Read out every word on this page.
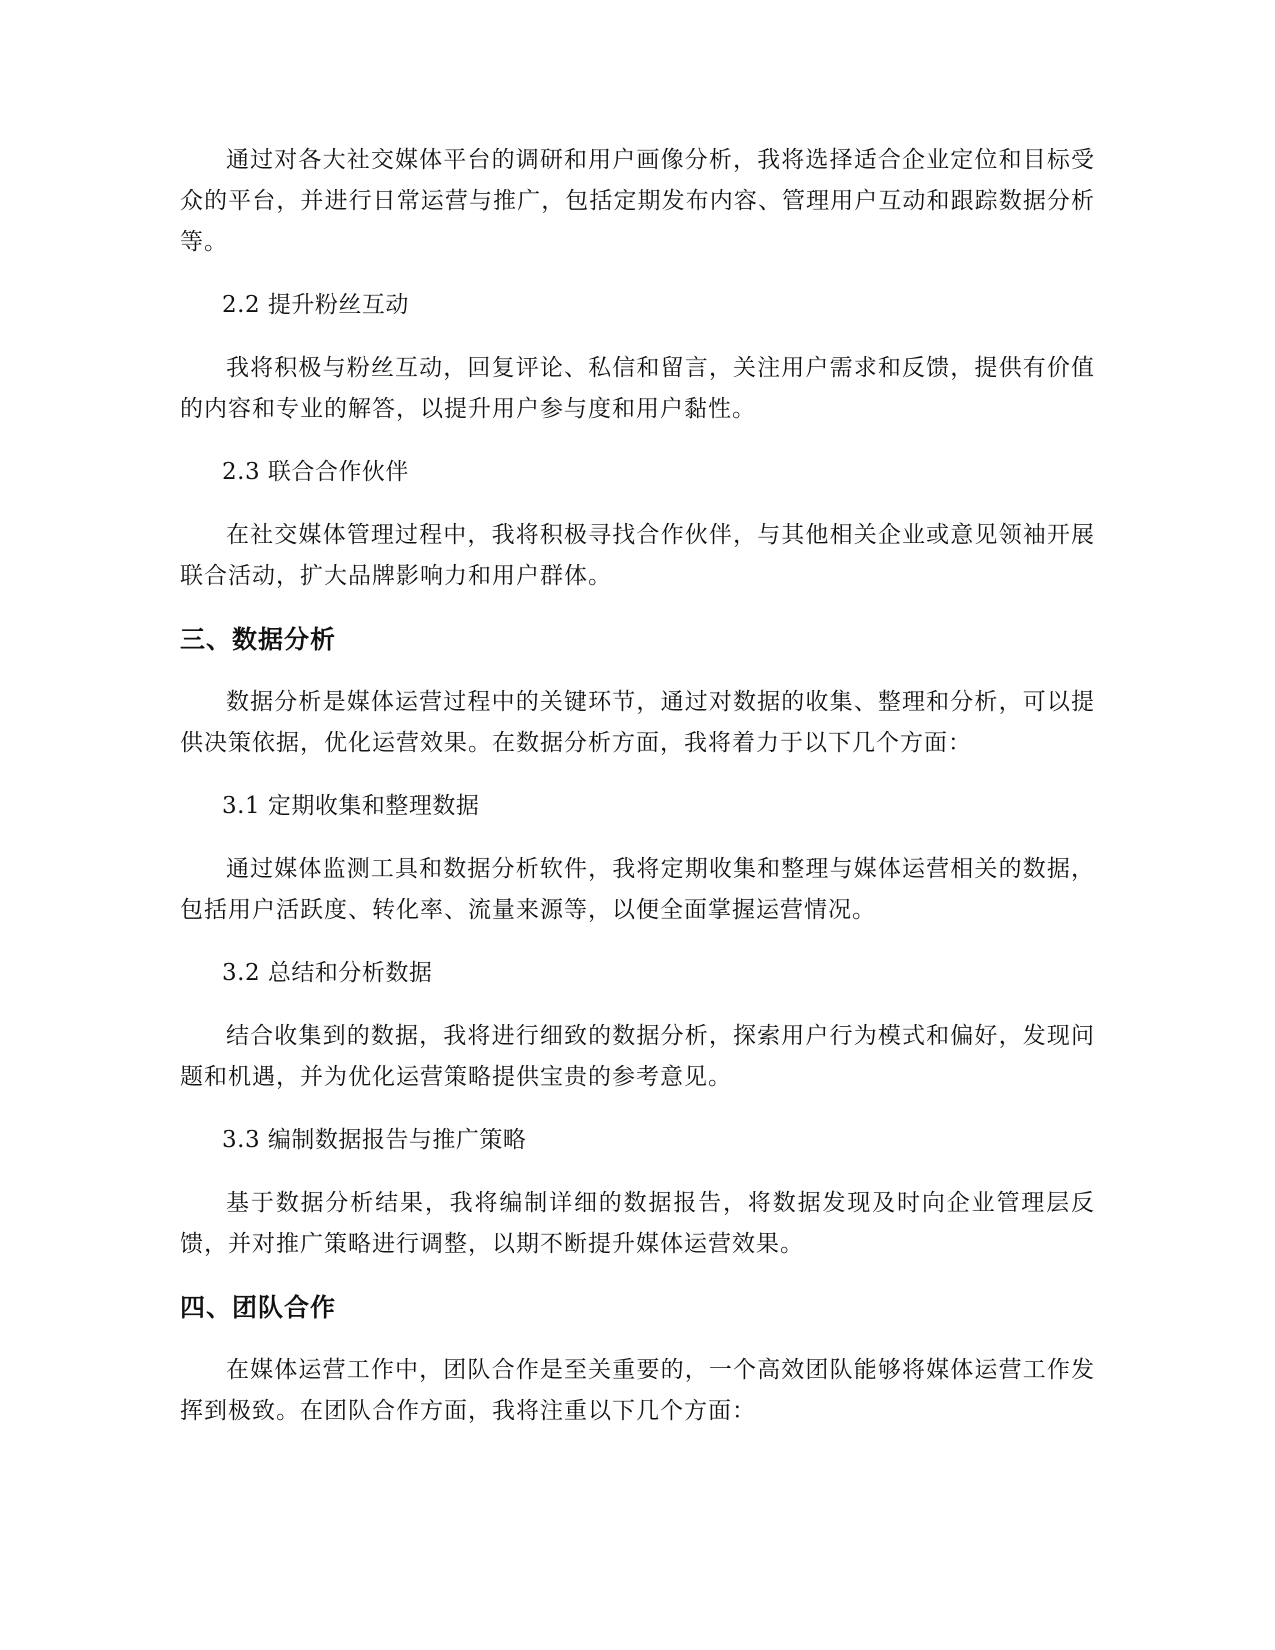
通过对各大社交媒体平台的调研和用户画像分析，我将选择适合企业定位和目标受众的平台，并进行日常运营与推广，包括定期发布内容、管理用户互动和跟踪数据分析等。

2.2 提升粉丝互动

我将积极与粉丝互动，回复评论、私信和留言，关注用户需求和反馈，提供有价值的内容和专业的解答，以提升用户参与度和用户黏性。

2.3 联合合作伙伴

在社交媒体管理过程中，我将积极寻找合作伙伴，与其他相关企业或意见领袖开展联合活动，扩大品牌影响力和用户群体。

三、数据分析

数据分析是媒体运营过程中的关键环节，通过对数据的收集、整理和分析，可以提供决策依据，优化运营效果。在数据分析方面，我将着力于以下几个方面：

3.1 定期收集和整理数据

通过媒体监测工具和数据分析软件，我将定期收集和整理与媒体运营相关的数据，包括用户活跃度、转化率、流量来源等，以便全面掌握运营情况。

3.2 总结和分析数据

结合收集到的数据，我将进行细致的数据分析，探索用户行为模式和偏好，发现问题和机遇，并为优化运营策略提供宝贵的参考意见。

3.3 编制数据报告与推广策略

基于数据分析结果，我将编制详细的数据报告，将数据发现及时向企业管理层反馈，并对推广策略进行调整，以期不断提升媒体运营效果。

四、团队合作

在媒体运营工作中，团队合作是至关重要的，一个高效团队能够将媒体运营工作发挥到极致。在团队合作方面，我将注重以下几个方面：
